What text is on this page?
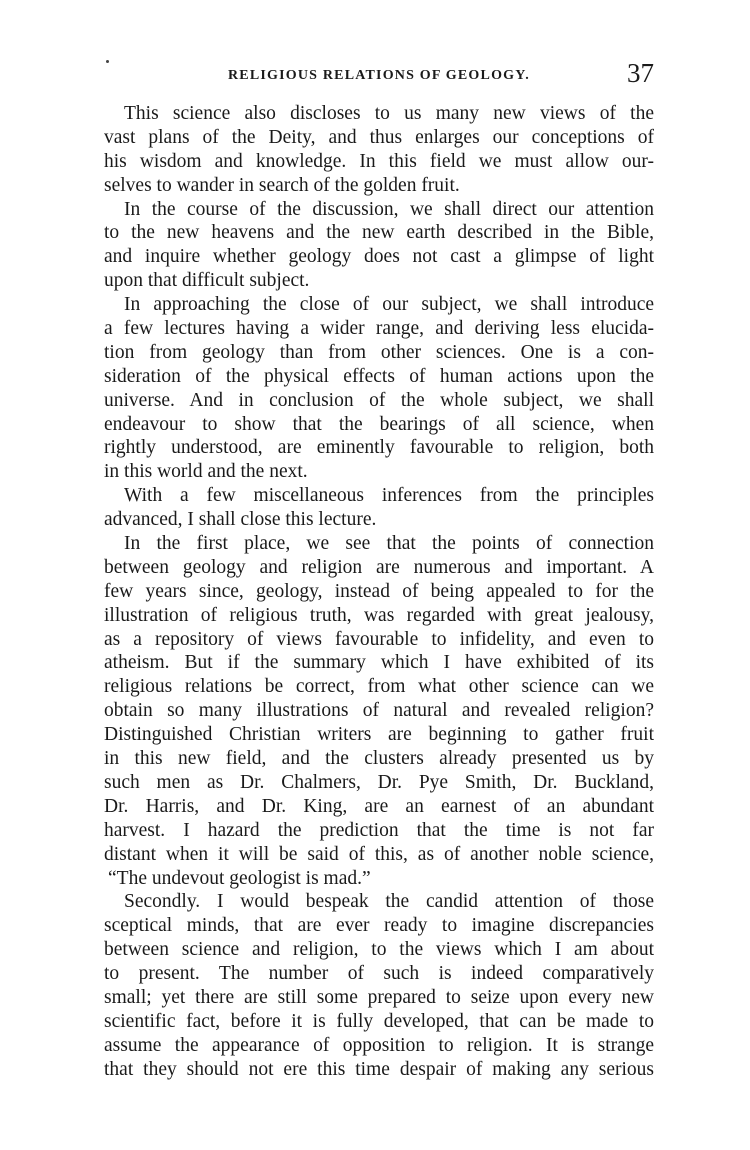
RELIGIOUS RELATIONS OF GEOLOGY.	37
This science also discloses to us many new views of the
vast plans of the Deity, and thus enlarges our conceptions of
his wisdom and knowledge. In this field we must allow our-
selves to wander in search of the golden fruit.
In the course of the discussion, we shall direct our attention
to the new heavens and the new earth described in the Bible,
and inquire whether geology does not cast a glimpse of light
upon that difficult subject.
In approaching the close of our subject, we shall introduce
a few lectures having a wider range, and deriving less elucida-
tion from geology than from other sciences. One is a con-
sideration of the physical effects of human actions upon the
universe. And in conclusion of the whole subject, we shall
endeavour to show that the bearings of all science, when
rightly understood, are eminently favourable to religion, both
in this world and the next.
With a few miscellaneous inferences from the principles
advanced, I shall close this lecture.
In the first place, we see that the points of connection
between geology and religion are numerous and important. A
few years since, geology, instead of being appealed to for the
illustration of religious truth, was regarded with great jealousy,
as a repository of views favourable to infidelity, and even to
atheism. But if the summary which I have exhibited of its
religious relations be correct, from what other science can we
obtain so many illustrations of natural and revealed religion?
Distinguished Christian writers are beginning to gather fruit
in this new field, and the clusters already presented us by
such men as Dr. Chalmers, Dr. Pye Smith, Dr. Buckland,
Dr. Harris, and Dr. King, are an earnest of an abundant
harvest. I hazard the prediction that the time is not far
distant when it will be said of this, as of another noble science,
“The undevout geologist is mad.”
Secondly. I would bespeak the candid attention of those
sceptical minds, that are ever ready to imagine discrepancies
between science and religion, to the views which I am about
to present. The number of such is indeed comparatively
small; yet there are still some prepared to seize upon every new
scientific fact, before it is fully developed, that can be made to
assume the appearance of opposition to religion. It is strange
that they should not ere this time despair of making any serious
